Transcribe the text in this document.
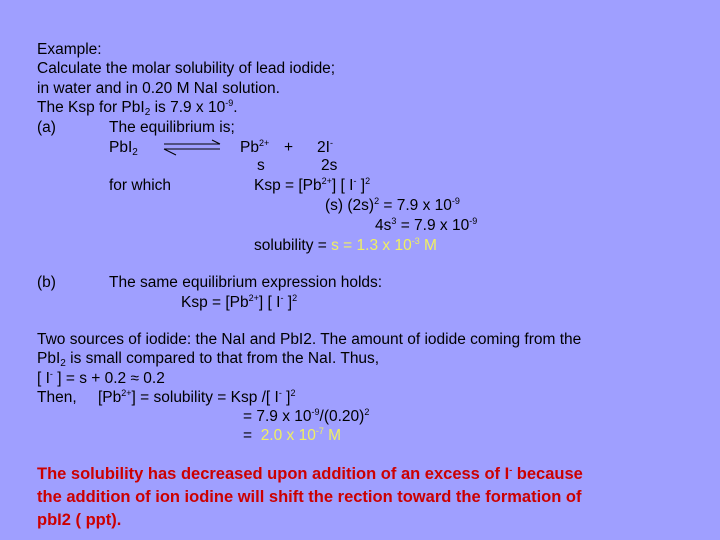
Example:
Calculate the molar solubility of lead iodide;
in water and in 0.20 M NaI solution.
The Ksp for PbI$_2$ is 7.9 x $10^{-9}$.
(a)	The equilibrium is;
PbI$_2$ ⇌ $Pb^{2+} + 2I^-$
s	2s
for which	Ksp = $[Pb^{2+}]$ [ I- ]$^2$
(s) $(2s)^2 = 7.9$ x $10^{-9}$
$4s^3 = 7.9$ x $10^{-9}$
solubility = s = 1.3 x $10^{-3}$ M
(b)	The same equilibrium expression holds:
Ksp = $[Pb^{2+}]$ [ I- ]$^2$
Two sources of iodide: the NaI and PbI2. The amount of iodide coming from the
PbI$_2$ is small compared to that from the NaI. Thus,
[ I- ] = s + 0.2 ≈ 0.2
Then, $[Pb^{2+}]$ = solubility = Ksp /[ I- ]$^2$
= 7.9 x $10^{-9}/(0.20)^2$
= 2.0 x $10^{-7}$ M
The solubility has decreased upon addition of an excess of I- because
the addition of ion iodine will shift the rection toward the formation of
pbI2 ( ppt).
